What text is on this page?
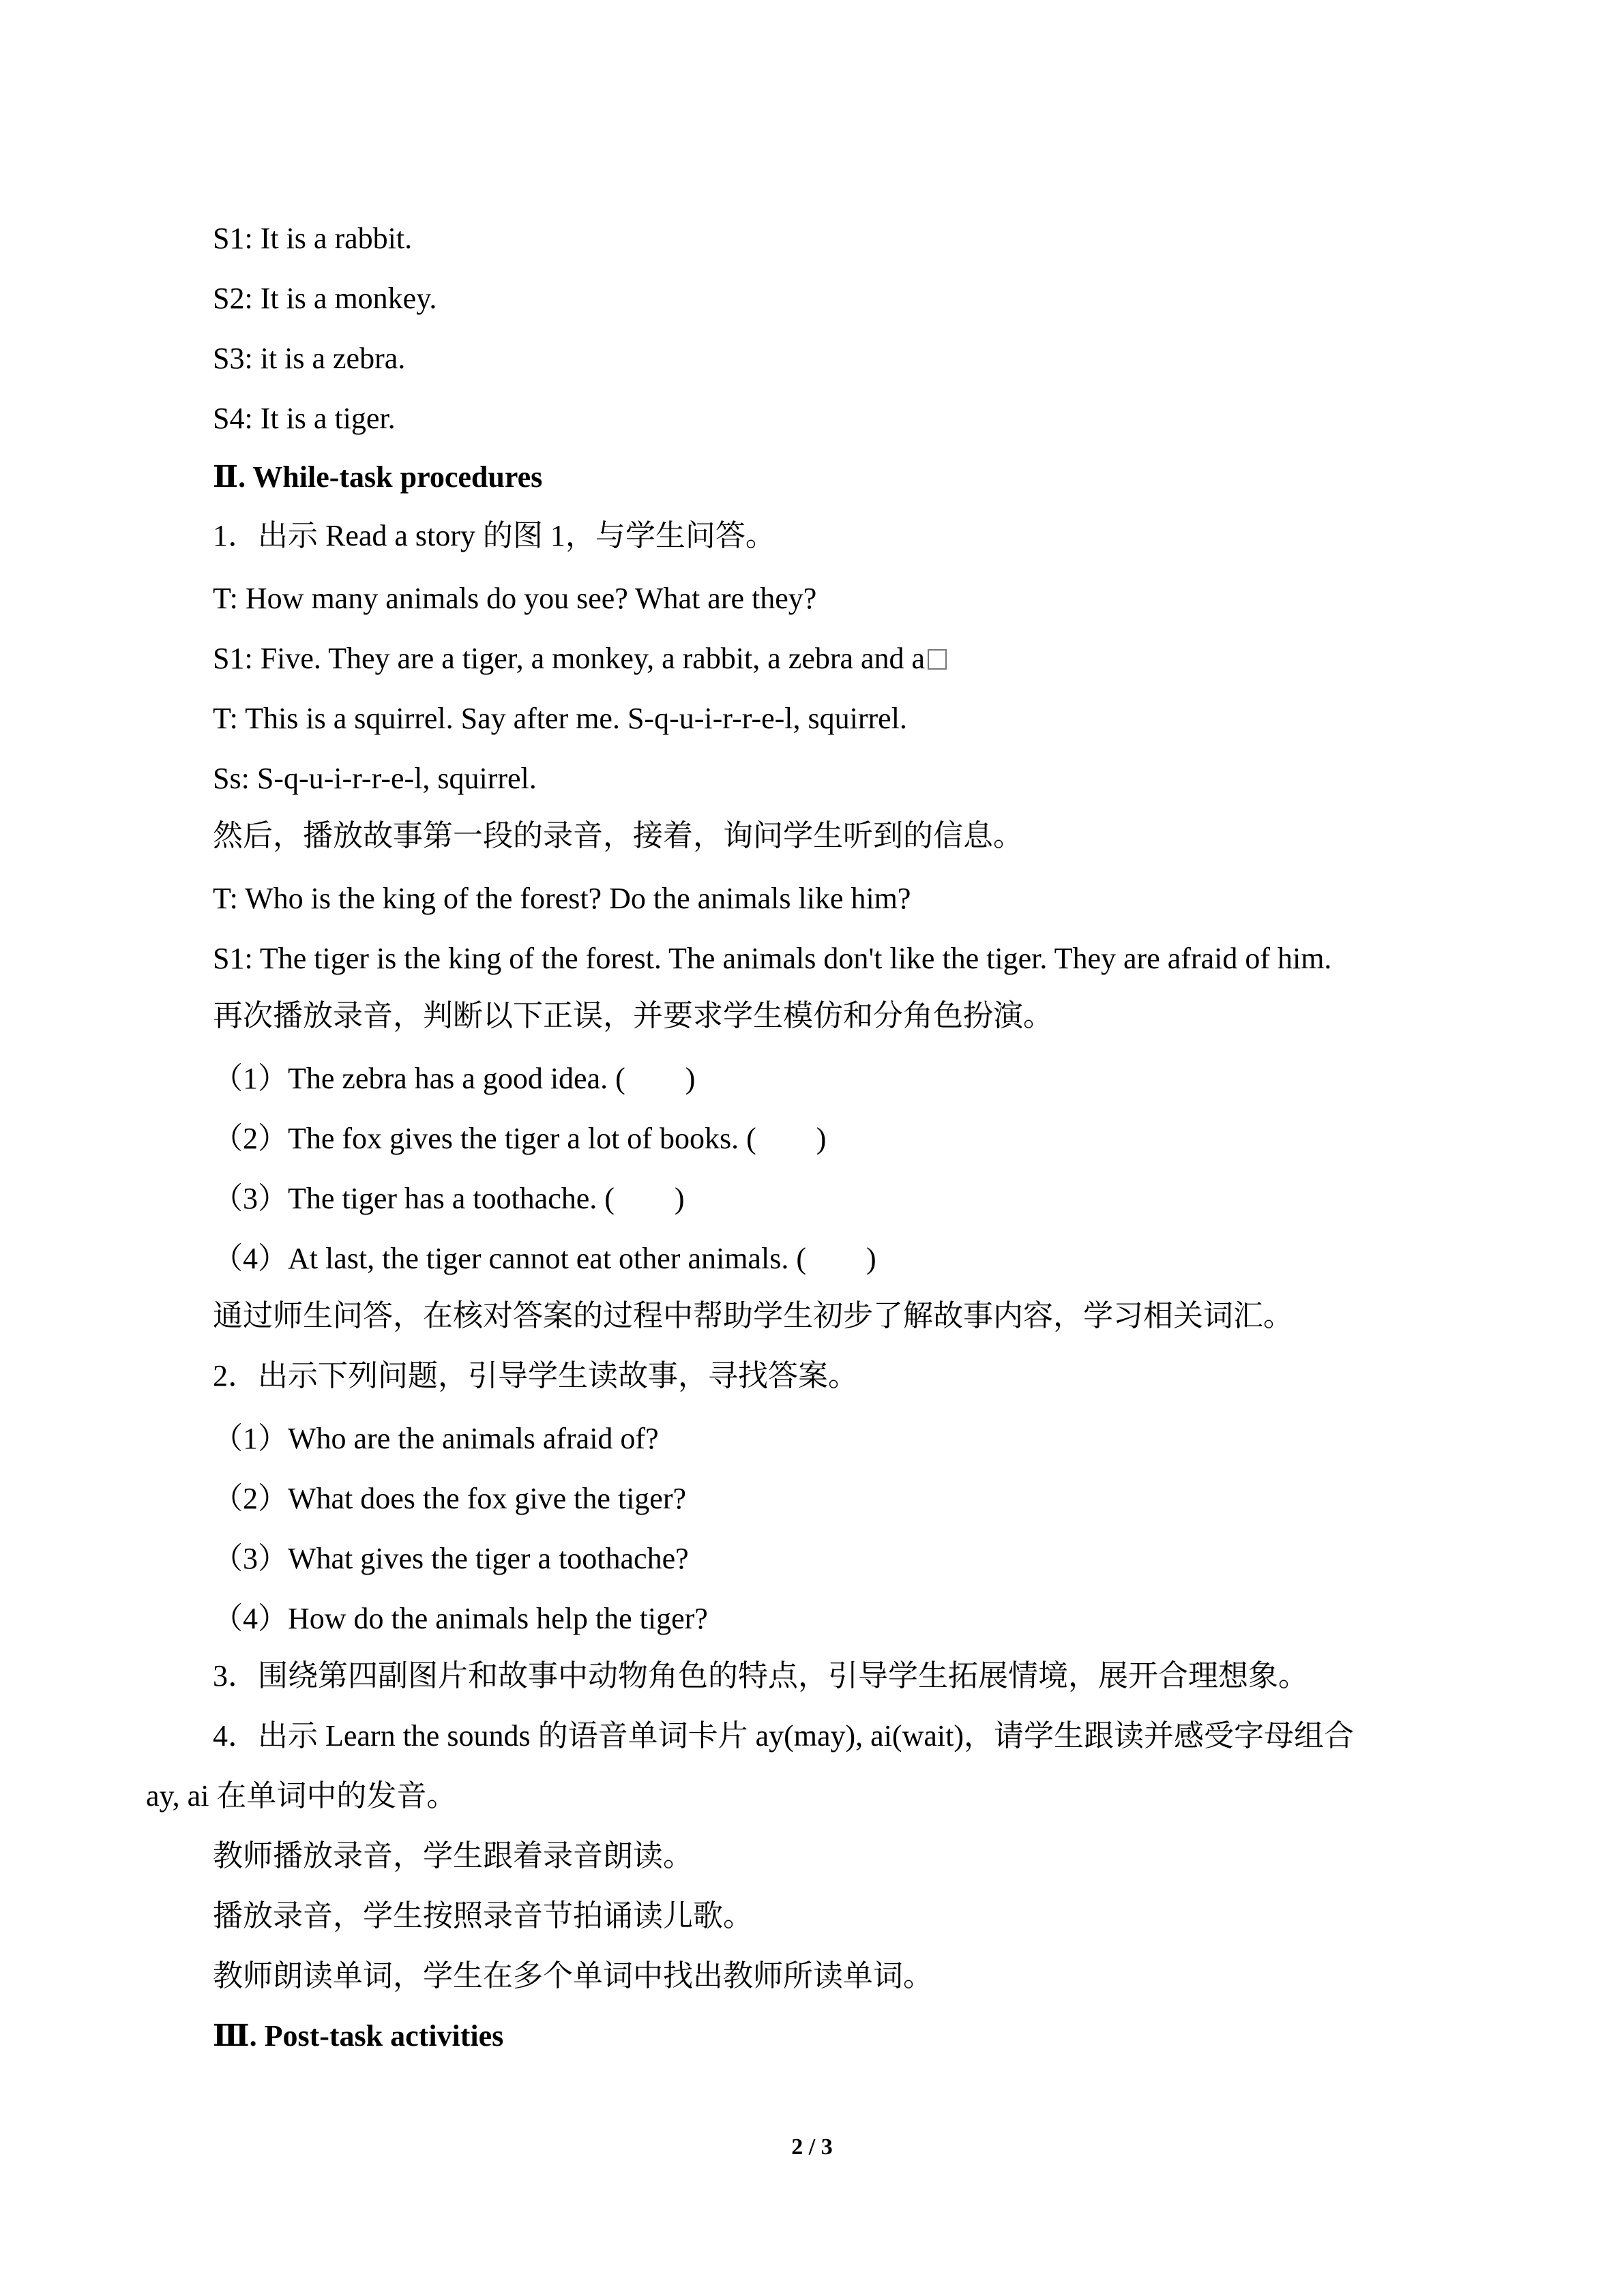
S1: It is a rabbit.
S2: It is a monkey.
S3: it is a zebra.
S4: It is a tiger.
Ⅱ. While-task procedures
1．出示 Read a story 的图 1，与学生问答。
T: How many animals do you see? What are they?
S1: Five. They are a tiger, a monkey, a rabbit, a zebra and a
T: This is a squirrel. Say after me. S-q-u-i-r-r-e-l, squirrel.
Ss: S-q-u-i-r-r-e-l, squirrel.
然后，播放故事第一段的录音，接着，询问学生听到的信息。
T: Who is the king of the forest? Do the animals like him?
S1: The tiger is the king of the forest. The animals don't like the tiger. They are afraid of him.
再次播放录音，判断以下正误，并要求学生模仿和分角色扮演。
（1）The zebra has a good idea. (　　)
（2）The fox gives the tiger a lot of books. (　　)
（3）The tiger has a toothache. (　　)
（4）At last, the tiger cannot eat other animals. (　　)
通过师生问答，在核对答案的过程中帮助学生初步了解故事内容，学习相关词汇。
2．出示下列问题，引导学生读故事，寻找答案。
（1）Who are the animals afraid of?
（2）What does the fox give the tiger?
（3）What gives the tiger a toothache?
（4）How do the animals help the tiger?
3．围绕第四副图片和故事中动物角色的特点，引导学生拓展情境，展开合理想象。
4．出示 Learn the sounds 的语音单词卡片 ay(may), ai(wait)，请学生跟读并感受字母组合
ay, ai 在单词中的发音。
教师播放录音，学生跟着录音朗读。
播放录音，学生按照录音节拍诵读儿歌。
教师朗读单词，学生在多个单词中找出教师所读单词。
Ⅲ. Post-task activities
2 / 3
